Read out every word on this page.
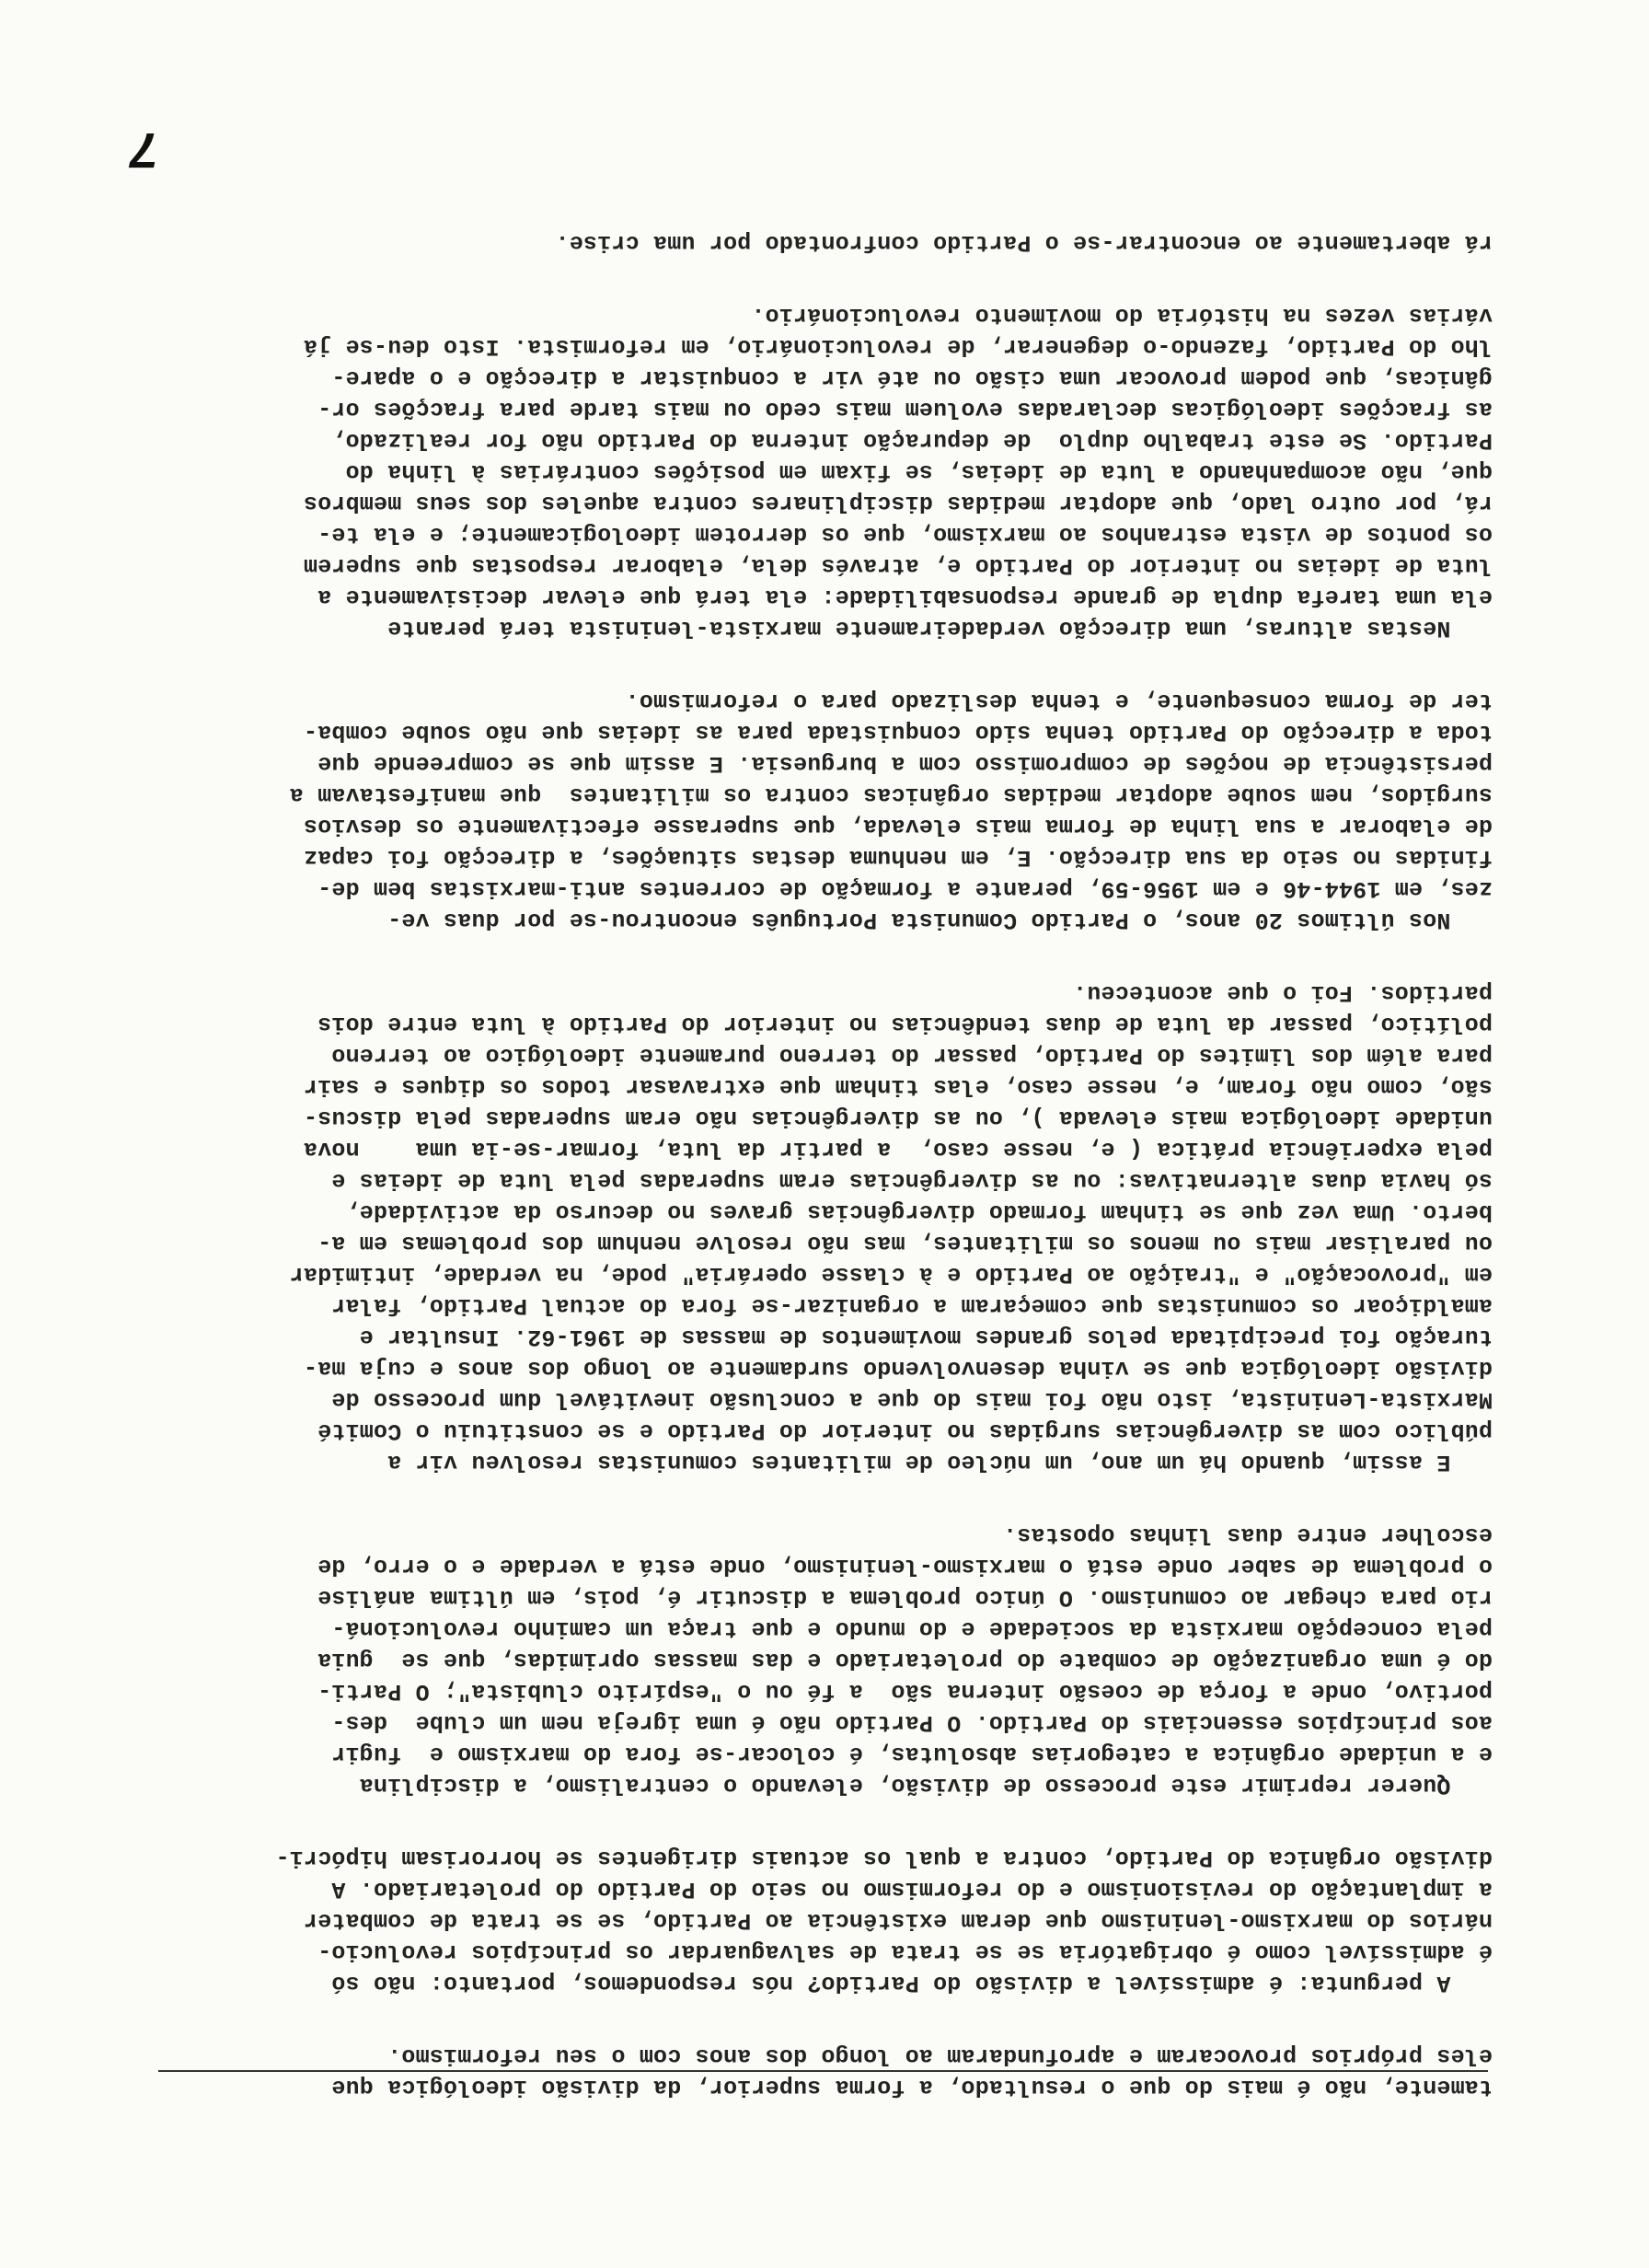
tamente, não é mais do que o resultado, a forma superior, da divisão ideológica que
eles próprios provocaram e aprofundaram ao longo dos anos com o seu reformismo.
A pergunta: é admissível a divisão do Partido? nós respondemos, portanto: não só
é admissível como é obrigatória se se trata de salvaguardar os princípios revolucio-
nários do marxismo-leninismo que deram existência ao Partido, se se trata de combater
a implantação do revisionismo e do reformismo no seio do Partido do proletariado. A
divisão orgânica do Partido, contra a qual os actuais dirigentes se horrorisam hipócri-
Querer reprimir este processo de divisão, elevando o centralismo, a disciplina
e a unidade orgânica a categorias absolutas, é colocar-se fora do marxismo e  fugir
aos princípios essenciais do Partido. O Partido não é uma igreja nem um clube  des-
portivo, onde a força de coesão interna são  a fé ou o "espírito clubista"; O Parti-
do é uma organização de combate do proletariado e das massas oprimidas, que se  guia
pela concepção marxista da sociedade e do mundo e que traça um caminho revolucioná-
rio para chegar ao comunismo. O único problema a discutir é, pois, em última análise
o problema de saber onde está o marxismo-leninismo, onde está a verdade e o erro, de
escolher entre duas linhas opostas.
E assim, quando há um ano, um núcleo de militantes comunistas resolveu vir a
público com as divergências surgidas no interior do Partido e se constituiu o Comité
Marxista-Leninista, isto não foi mais do que a conclusão inevitável dum processo de
divisão ideológica que se vinha desenvolvendo surdamente ao longo dos anos e cuja ma-
turação foi precipitada pelos grandes movimentos de massas de 1961-62. Insultar e
amaldiçoar os comunistas que começaram a organizar-se fora do actual Partido, falar
em "provocação" e "traição ao Partido e à classe operária" pode, na verdade, intimidar
ou paralisar mais ou menos os militantes, mas não resolve nenhum dos problemas em a-
berto. Uma vez que se tinham formado divergências graves no decurso da actividade,
só havia duas alternativas: ou as divergências eram superadas pela luta de ideias e
pela experiência prática ( e, nesse caso,  a partir da luta, formar-se-ia uma    nova
unidade ideológica mais elevada ), ou as divergências não eram superadas pela discus-
são, como não foram, e, nesse caso, elas tinham que extravasar todos os diques e sair
para além dos limites do Partido, passar do terreno puramente ideológico ao terreno
político, passar da luta de duas tendências no interior do Partido à luta entre dois
partidos. Foi o que aconteceu.
Nos últimos 20 anos, o Partido Comunista Português encontrou-se por duas ve-
zes, em 1944-46 e em 1956-59, perante a formação de correntes anti-marxistas bem de-
finidas no seio da sua direcção. E, em nenhuma destas situações, a direcção foi capaz
de elaborar a sua linha de forma mais elevada, que superasse efectivamente os desvios
surgidos, nem soube adoptar medidas orgânicas contra os militantes  que manifestavam a
persistência de noções de compromisso com a burguesia. E assim que se compreende que
toda a direcção do Partido tenha sido conquistada para as ideias que não soube comba-
ter de forma consequente, e tenha deslizado para o reformismo.
Nestas alturas, uma direcção verdadeiramente marxista-leninista terá perante
ela uma tarefa dupla de grande responsabilidade: ela terá que elevar decisivamente a
luta de ideias no interior do Partido e, através dela, elaborar respostas que superem
os pontos de vista estranhos ao marxismo, que os derrotem ideologicamente; e ela te-
rá, por outro lado, que adoptar medidas disciplinares contra aqueles dos seus membros
que, não acompanhando a luta de ideias, se fixam em posições contrárias à linha do
Partido. Se este trabalho duplo  de depuração interna do Partido não for realizado,
as fracções ideológicas declaradas evoluem mais cedo ou mais tarde para fracções or-
gânicas, que podem provocar uma cisão ou até vir a conquistar a direcção e o apare-
lho do Partido, fazendo-o degenerar, de revolucionário, em reformista. Isto deu-se já
várias vezes na história do movimento revolucionário.
rá abertamente ao encontrar-se o Partido confrontado por uma crise.
7
